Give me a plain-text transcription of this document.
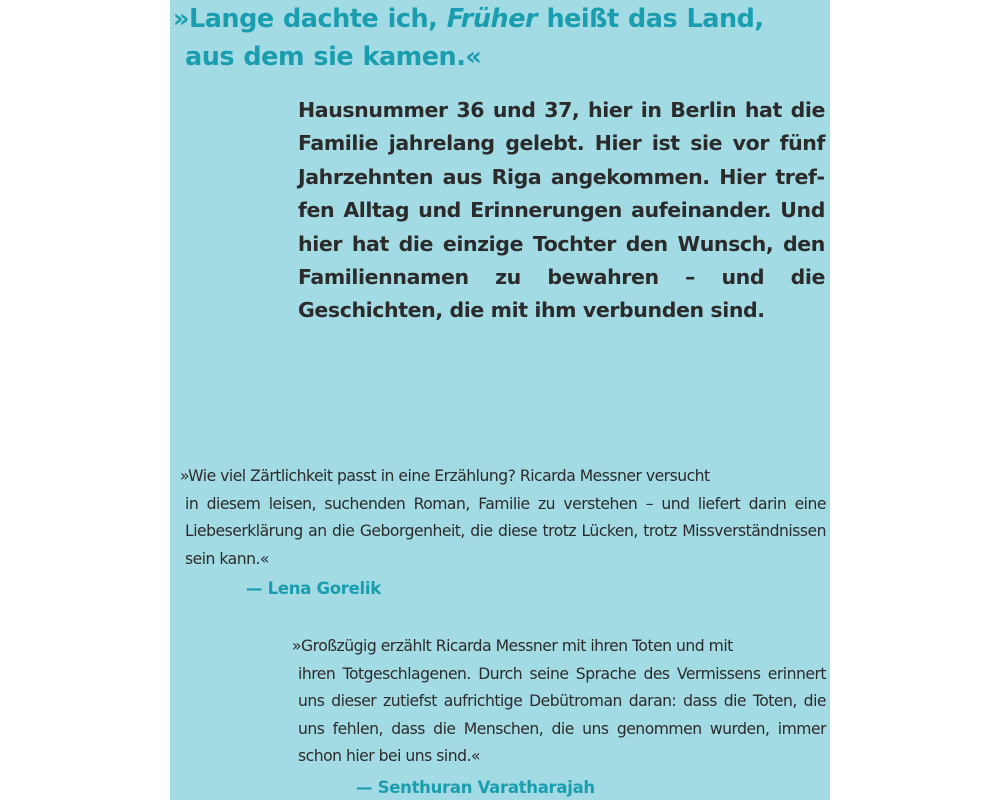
»Lange dachte ich, Früher heißt das Land,
aus dem sie kamen.«

Hausnummer 36 und 37, hier in Berlin hat die Familie jahrelang gelebt. Hier ist sie vor fünf Jahrzehnten aus Riga angekommen. Hier treffen Alltag und Erinnerungen aufeinander. Und hier hat die einzige Tochter den Wunsch, den Familiennamen zu bewahren – und die Geschichten, die mit ihm verbunden sind.

»Wie viel Zärtlichkeit passt in eine Erzählung? Ricarda Messner versucht
in diesem leisen, suchenden Roman, Familie zu verstehen – und liefert darin eine Liebeserklärung an die Geborgenheit, die diese trotz Lücken, trotz Missverständnissen sein kann.«

— Lena Gorelik

»Großzügig erzählt Ricarda Messner mit ihren Toten und mit
ihren Totgeschlagenen. Durch seine Sprache des Vermissens erinnert uns dieser zutiefst aufrichtige Debütroman daran: dass die Toten, die uns fehlen, dass die Menschen, die uns genommen wurden, immer schon hier bei uns sind.«

— Senthuran Varatharajah
